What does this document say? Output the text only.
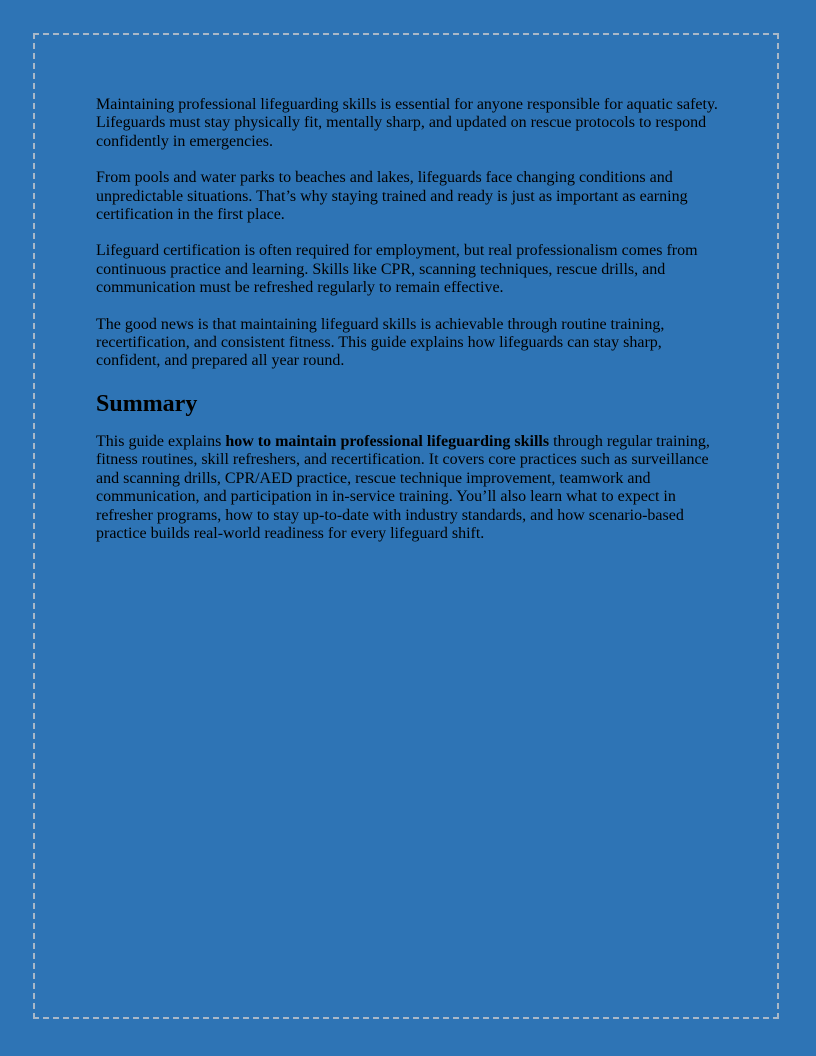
Maintaining professional lifeguarding skills is essential for anyone responsible for aquatic safety. Lifeguards must stay physically fit, mentally sharp, and updated on rescue protocols to respond confidently in emergencies.

From pools and water parks to beaches and lakes, lifeguards face changing conditions and unpredictable situations. That’s why staying trained and ready is just as important as earning certification in the first place.

Lifeguard certification is often required for employment, but real professionalism comes from continuous practice and learning. Skills like CPR, scanning techniques, rescue drills, and communication must be refreshed regularly to remain effective.

The good news is that maintaining lifeguard skills is achievable through routine training, recertification, and consistent fitness. This guide explains how lifeguards can stay sharp, confident, and prepared all year round.

Summary

This guide explains how to maintain professional lifeguarding skills through regular training, fitness routines, skill refreshers, and recertification. It covers core practices such as surveillance and scanning drills, CPR/AED practice, rescue technique improvement, teamwork and communication, and participation in in-service training. You’ll also learn what to expect in refresher programs, how to stay up-to-date with industry standards, and how scenario-based practice builds real-world readiness for every lifeguard shift.
